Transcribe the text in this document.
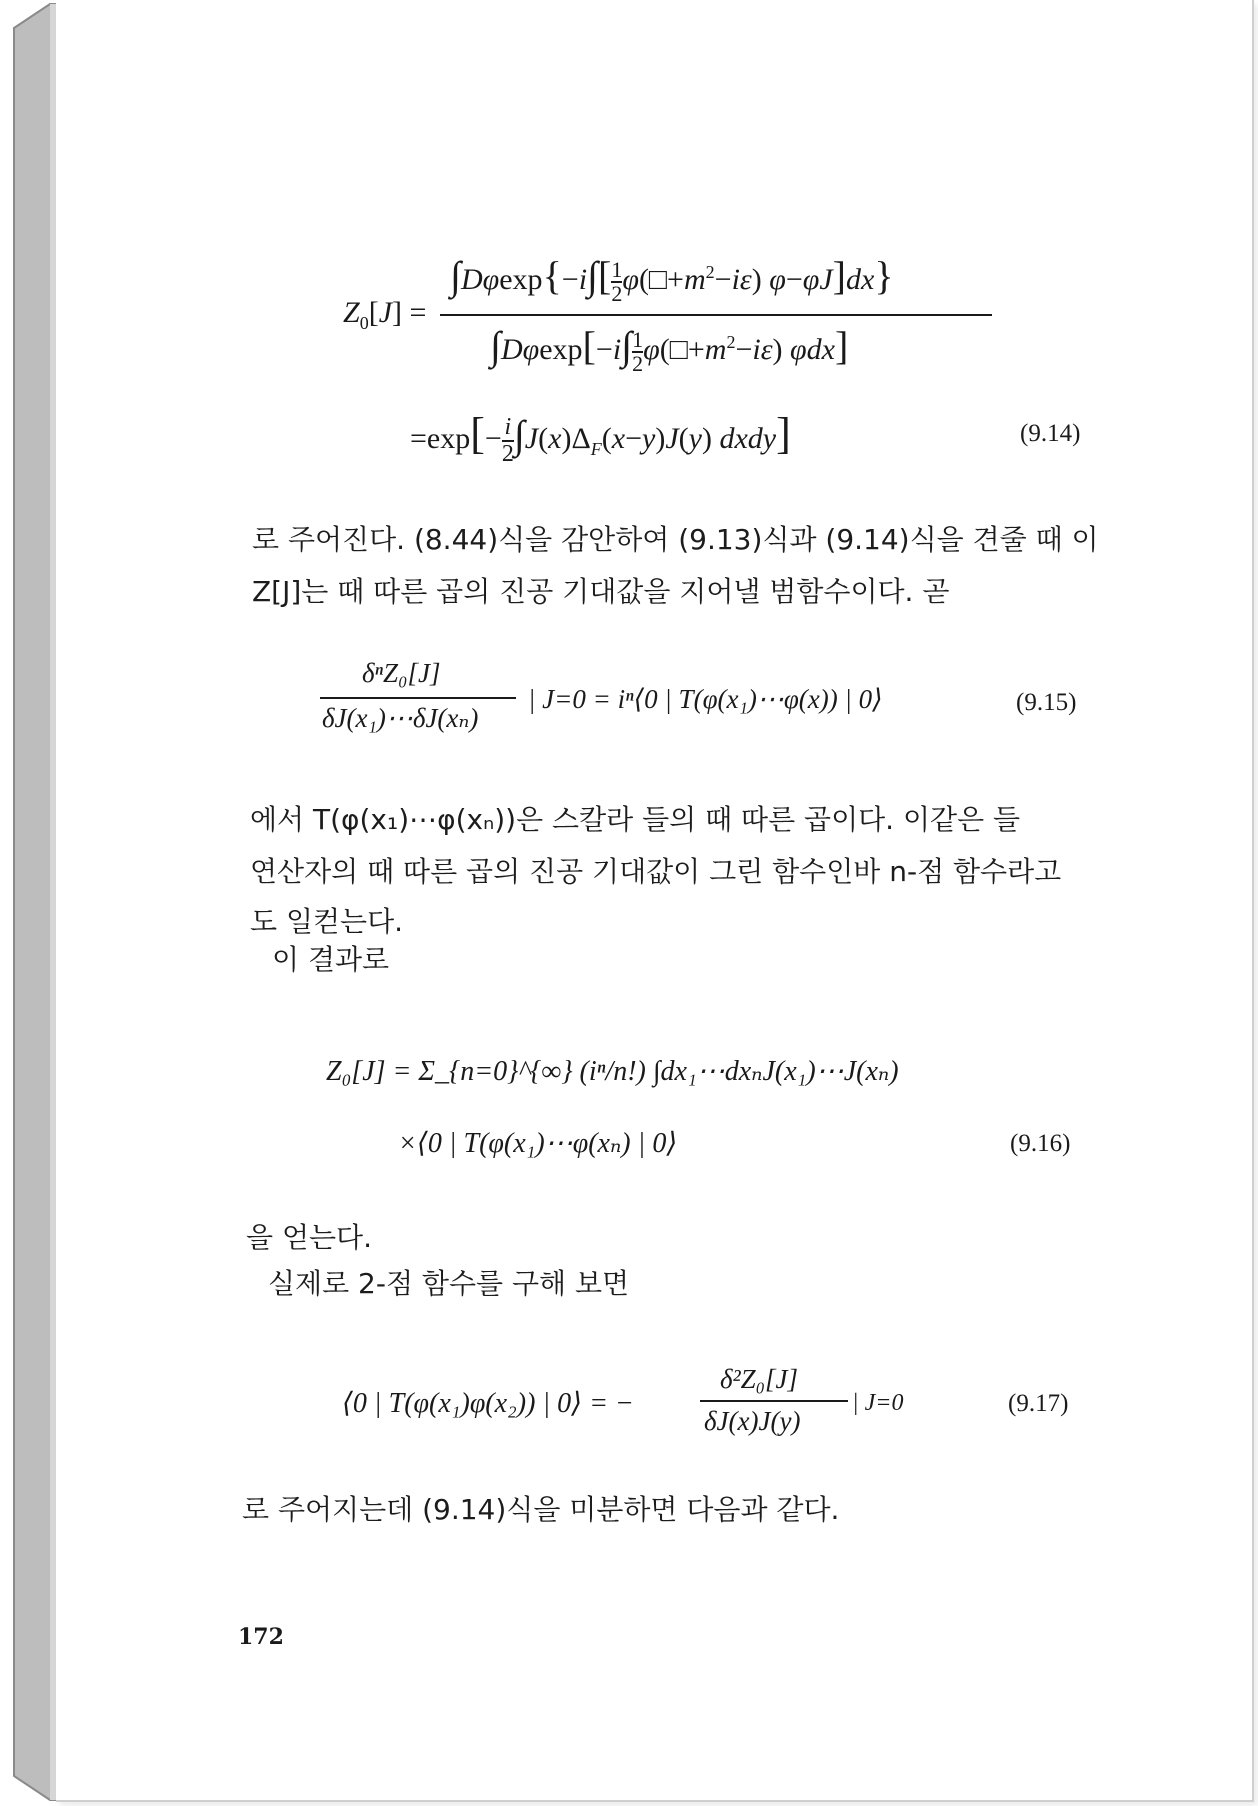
$Z_0[J]$ =
$\int D\varphi\exp\{-i\int[ \frac{1}{2}$ $\varphi(□+m^2-i\varepsilon)$ φ−φJ]dx}
$\int D\varphi\exp[-i\int \frac{1}{2}$ $\varphi(□+m^2-i\varepsilon)$ φdx]
$=\exp[- \frac{i}{2} \int J(x)\Delta_F(x-y)J(y)$ dxdy]	(9.14)
로 주어진다. (8.44)식을 감안하여 (9.13)식과 (9.14)식을 견줄 때 이
Z[J]는 때 따른 곱의 진공 기대값을 지어낼 범함수이다. 곧
δⁿZ₀[J]
δJ(x₁)⋯δJ(xₙ)
| J=0 = iⁿ⟨0 | T(φ(x₁)⋯φ(x)) | 0⟩	(9.15)
에서 T(φ(x₁)⋯φ(xₙ))은 스칼라 들의 때 따른 곱이다. 이같은 들
연산자의 때 따른 곱의 진공 기대값이 그린 함수인바 n-점 함수라고
도 일컫는다.
이 결과로
Z₀[J] = Σ_{n=0}^{∞} (iⁿ/n!) ∫dx₁⋯dxₙJ(x₁)⋯J(xₙ)
×⟨0 | T(φ(x₁)⋯φ(xₙ) | 0⟩	(9.16)
을 얻는다.
실제로 2-점 함수를 구해 보면
⟨0 | T(φ(x₁)φ(x₂)) | 0⟩ = −
δ²Z₀[J]
δJ(x)J(y)
| J=0	(9.17)
로 주어지는데 (9.14)식을 미분하면 다음과 같다.
172
